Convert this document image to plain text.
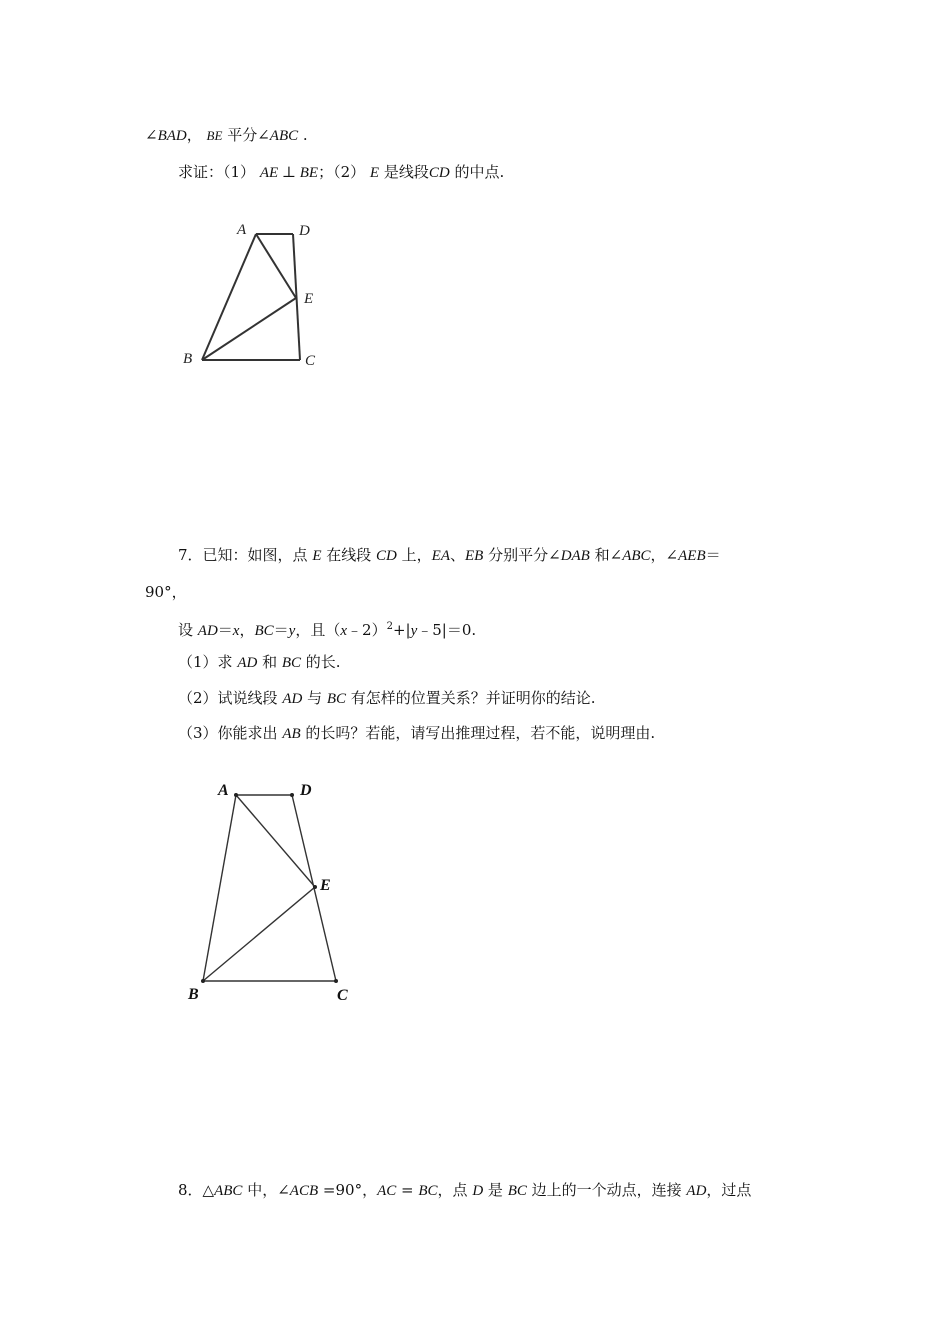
∠BAD， BE 平分∠ABC .
求证：（1） AE ⊥ BE；（2） E 是线段CD 的中点.
A	D
E
B	C
7．已知：如图，点 E 在线段 CD 上，EA、EB 分别平分∠DAB 和∠ABC，∠AEB＝
90°，
设 AD＝x，BC＝y，且（x﹣2）$^2$+|y﹣5|＝0.
（1）求 AD 和 BC 的长.
（2）试说线段 AD 与 BC 有怎样的位置关系？并证明你的结论.
（3）你能求出 AB 的长吗？若能，请写出推理过程，若不能，说明理由.
A	D
E
B	C
8．△ABC 中，∠ACB =90°，AC = BC，点 D 是 BC 边上的一个动点，连接 AD，过点
